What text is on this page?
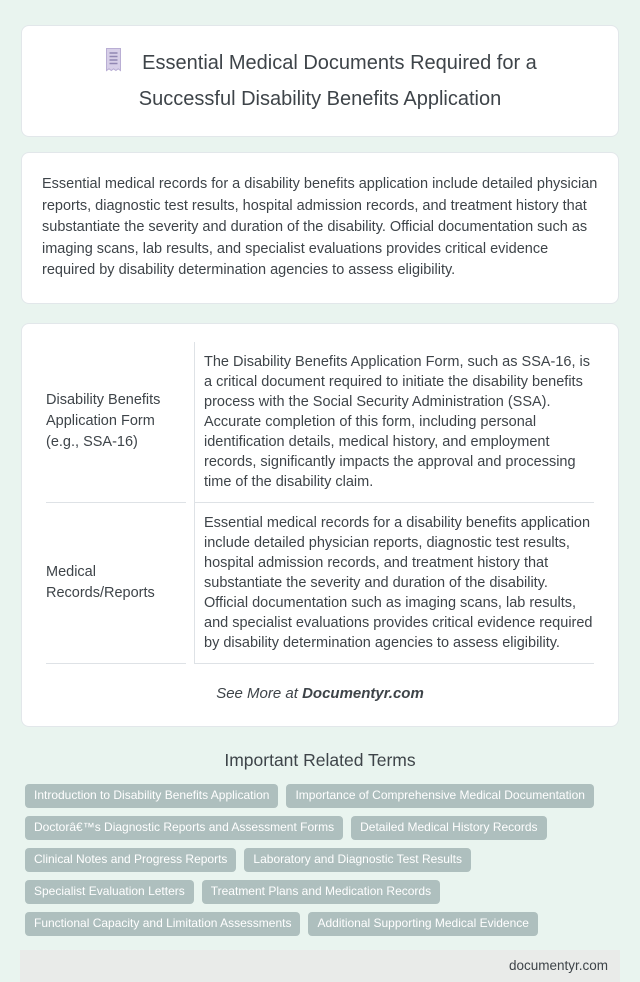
Essential Medical Documents Required for a Successful Disability Benefits Application

Essential medical records for a disability benefits application include detailed physician reports, diagnostic test results, hospital admission records, and treatment history that substantiate the severity and duration of the disability. Official documentation such as imaging scans, lab results, and specialist evaluations provides critical evidence required by disability determination agencies to assess eligibility.

Disability Benefits Application Form (e.g., SSA-16)	The Disability Benefits Application Form, such as SSA-16, is a critical document required to initiate the disability benefits process with the Social Security Administration (SSA). Accurate completion of this form, including personal identification details, medical history, and employment records, significantly impacts the approval and processing time of the disability claim.
Medical Records/Reports	Essential medical records for a disability benefits application include detailed physician reports, diagnostic test results, hospital admission records, and treatment history that substantiate the severity and duration of the disability. Official documentation such as imaging scans, lab results, and specialist evaluations provides critical evidence required by disability determination agencies to assess eligibility.

See More at Documentyr.com

Important Related Terms
Introduction to Disability Benefits Application	Importance of Comprehensive Medical Documentation
Doctorâ€™s Diagnostic Reports and Assessment Forms	Detailed Medical History Records
Clinical Notes and Progress Reports	Laboratory and Diagnostic Test Results
Specialist Evaluation Letters	Treatment Plans and Medication Records
Functional Capacity and Limitation Assessments	Additional Supporting Medical Evidence
documentyr.com
